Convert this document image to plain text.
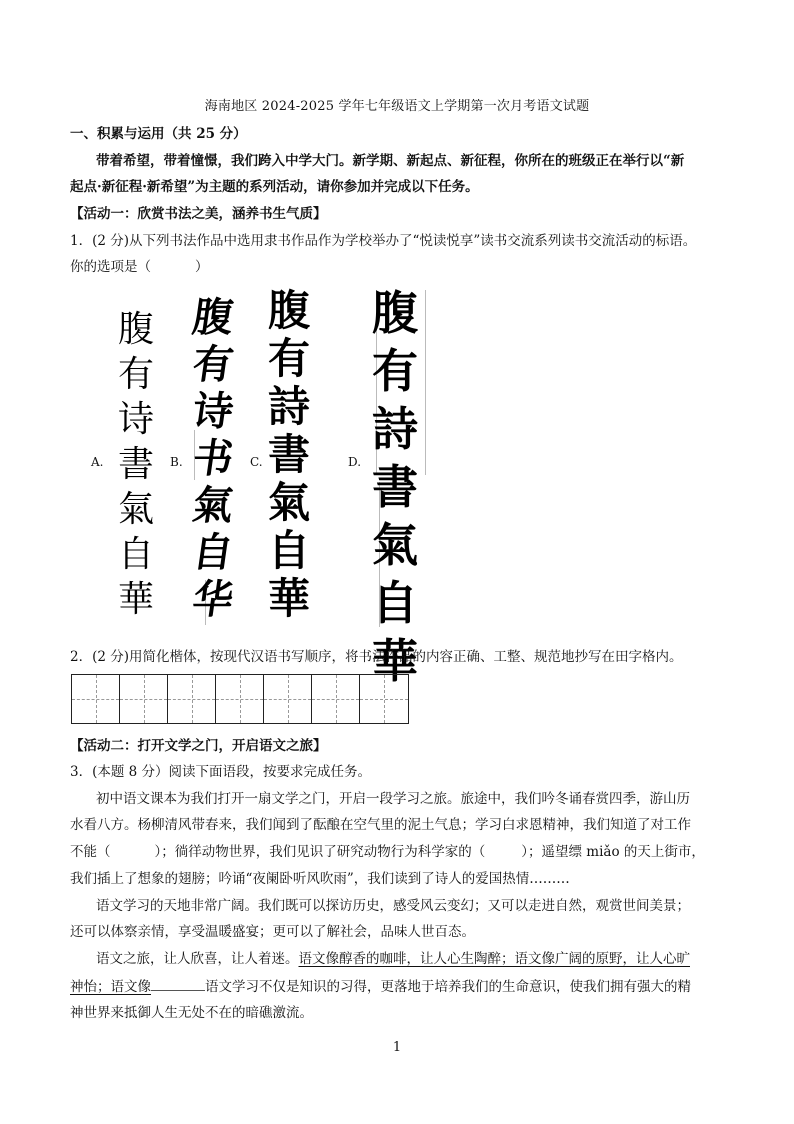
海南地区 2024-2025 学年七年级语文上学期第一次月考语文试题
一、积累与运用（共 25 分）
带着希望，带着憧憬，我们跨入中学大门。新学期、新起点、新征程，你所在的班级正在举行以“新
起点·新征程·新希望”为主题的系列活动，请你参加并完成以下任务。
【活动一：欣赏书法之美，涵养书生气质】
1．(2 分)从下列书法作品中选用隶书作品作为学校举办了“悦读悦享”读书交流系列读书交流活动的标语。
你的选项是（	）
A.	B.	C.	D.
腹
有
诗
書
氣
自
華
腹
有
诗
书
氣
自
华
腹
有
詩
書
氣
自
華
腹
有
詩
書
氣
自
華
2．(2 分)用简化楷体，按现代汉语书写顺序，将书法作品的内容正确、工整、规范地抄写在田字格内。
【活动二：打开文学之门，开启语文之旅】
3．(本题 8 分）阅读下面语段，按要求完成任务。
初中语文课本为我们打开一扇文学之门，开启一段学习之旅。旅途中，我们吟冬诵春赏四季，游山历
水看八方。杨柳清风带春来，我们闻到了酝酿在空气里的泥土气息；学习白求恩精神，我们知道了对工作
不能（	）；徜徉动物世界，我们见识了研究动物行为科学家的（	）；遥望缥 miǎo 的天上街市，
我们插上了想象的翅膀；吟诵“夜阑卧听风吹雨”，我们读到了诗人的爱国热情………
语文学习的天地非常广阔。我们既可以探访历史，感受风云变幻；又可以走进自然，观赏世间美景；
还可以体察亲情，享受温暖盛宴；更可以了解社会，品味人世百态。
语文之旅，让人欣喜，让人着迷。语文像醇香的咖啡，让人心生陶醉；语文像广阔的原野，让人心旷
神怡；语文像	语文学习不仅是知识的习得，更落地于培养我们的生命意识，使我们拥有强大的精
神世界来抵御人生无处不在的暗礁激流。
1
